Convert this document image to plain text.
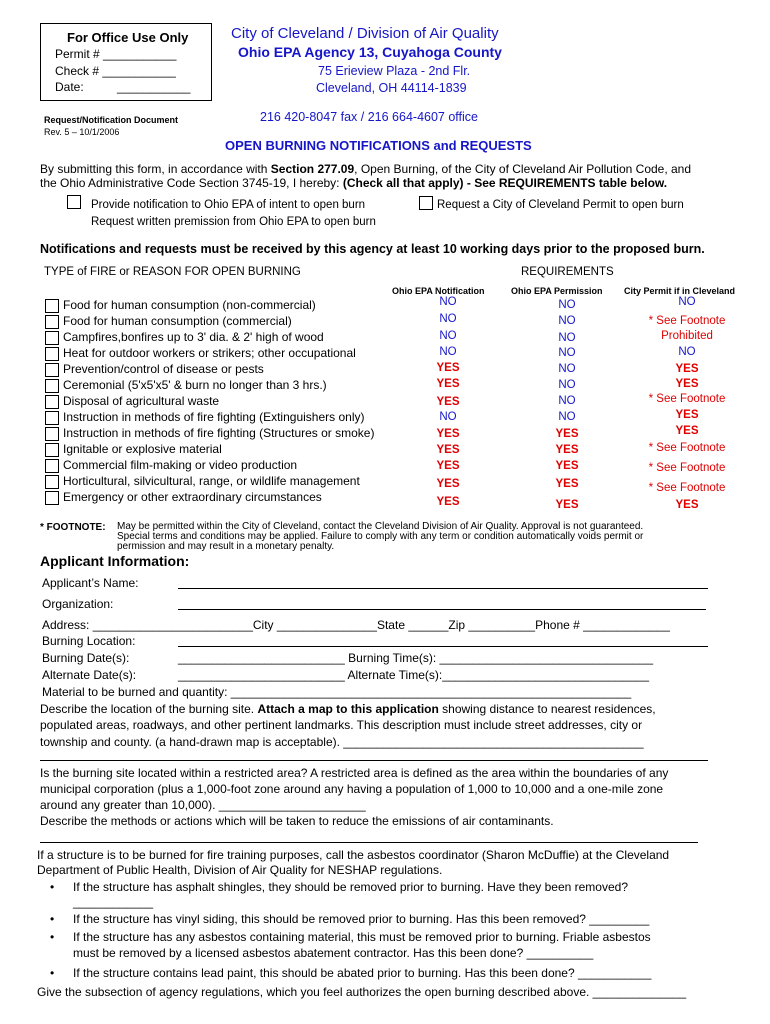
For Office Use Only
Permit # ___________
Check # ___________
Date:          ___________
City of Cleveland / Division of Air Quality
Ohio EPA Agency 13, Cuyahoga County
75 Erieview Plaza - 2nd Flr.
Cleveland, OH 44114-1839
216 420-8047 fax / 216 664-4607 office
Request/Notification Document
Rev. 5 – 10/1/2006
OPEN BURNING NOTIFICATIONS and REQUESTS
By submitting this form, in accordance with Section 277.09, Open Burning, of the City of Cleveland Air Pollution Code, and
the Ohio Administrative Code Section 3745-19, I hereby: (Check all that apply) - See REQUIREMENTS table below.
Provide notification to Ohio EPA of intent to open burn
Request written premission from Ohio EPA to open burn
Request a City of Cleveland Permit to open burn
Notifications and requests must be received by this agency at least 10 working days prior to the proposed burn.
TYPE of FIRE or REASON FOR OPEN BURNING	REQUIREMENTS
Ohio EPA Notification	Ohio EPA Permission City Permit if in Cleveland
Food for human consumption (non-commercial)	NO	NO	NO
Food for human consumption (commercial)	NO	NO	* See Footnote
Campfires,bonfires up to 3' dia. & 2' high of wood	NO	NO	Prohibited
Heat for outdoor workers or strikers; other occupational	NO	NO	NO
Prevention/control of disease or pests	YES	NO	YES
Ceremonial (5'x5'x5' & burn no longer than 3 hrs.)	YES	NO	YES
Disposal of agricultural waste	YES	NO	* See Footnote
Instruction in methods of fire fighting (Extinguishers only)	NO	NO	YES
Instruction in methods of fire fighting (Structures or smoke)	YES	YES	YES
Ignitable or explosive material	YES	YES	* See Footnote
Commercial film-making or video production	YES	YES	* See Footnote
Horticultural, silvicultural, range, or wildlife management	YES	YES	* See Footnote
Emergency or other extraordinary circumstances	YES	YES	YES
* FOOTNOTE: May be permitted within the City of Cleveland, contact the Cleveland Division of Air Quality. Approval is not guaranteed.
Special terms and conditions may be applied. Failure to comply with any term or condition automatically voids permit or
permission and may result in a monetary penalty.
Applicant Information:
Applicant’s Name:
Organization:
Address: ________________________City _______________State ______Zip __________Phone # _____________
Burning Location:
Burning Date(s):	_________________________ Burning Time(s): ________________________________
Alternate Date(s):	_________________________ Alternate Time(s):_______________________________
Material to be burned and quantity: ____________________________________________________________
Describe the location of the burning site. Attach a map to this application showing distance to nearest residences,
populated areas, roadways, and other pertinent landmarks. This description must include street addresses, city or
township and county. (a hand-drawn map is acceptable). _____________________________________________
Is the burning site located within a restricted area? A restricted area is defined as the area within the boundaries of any
municipal corporation (plus a 1,000-foot zone around any having a population of 1,000 to 10,000 and a one-mile zone
around any greater than 10,000). ______________________
Describe the methods or actions which will be taken to reduce the emissions of air contaminants.
If a structure is to be burned for fire training purposes, call the asbestos coordinator (Sharon McDuffie) at the Cleveland
Department of Public Health, Division of Air Quality for NESHAP regulations.
• If the structure has asphalt shingles, they should be removed prior to burning. Have they been removed?
____________
• If the structure has vinyl siding, this should be removed prior to burning. Has this been removed? _________
• If the structure has any asbestos containing material, this must be removed prior to burning. Friable asbestos
must be removed by a licensed asbestos abatement contractor. Has this been done? __________
• If the structure contains lead paint, this should be abated prior to burning. Has this been done? ___________
Give the subsection of agency regulations, which you feel authorizes the open burning described above. ______________
